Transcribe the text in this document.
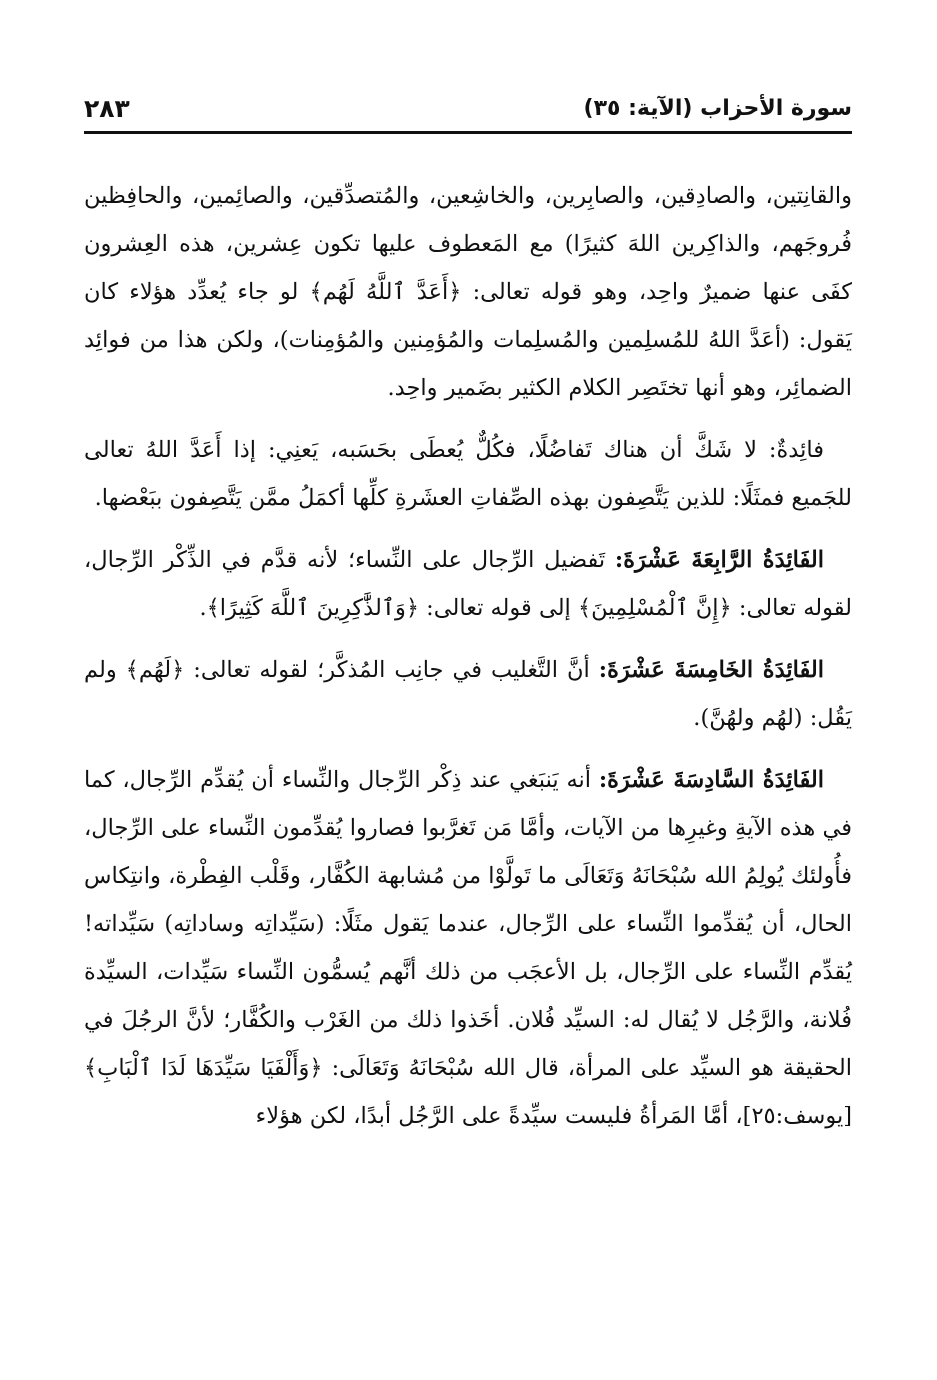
سورة الأحزاب (الآية: ٣٥)
٢٨٣

والقانِتين، والصادِقين، والصابِرين، والخاشِعين، والمُتصدِّقين، والصائِمين، والحافِظين فُروجَهم، والذاكِرين اللهَ كثيرًا) مع المَعطوف عليها تكون عِشرين، هذه العِشرون كفَى عنها ضميرٌ واحِد، وهو قوله تعالى: ﴿أَعَدَّ ٱللَّهُ لَهُم﴾ لو جاء يُعدِّد هؤلاء كان يَقول: (أعَدَّ اللهُ للمُسلِمين والمُسلِمات والمُؤمِنين والمُؤمِنات)، ولكن هذا من فوائِد الضمائِر، وهو أنها تختَصِر الكلام الكثير بضَمير واحِد.

فائِدةٌ: لا شَكَّ أن هناك تَفاضُلًا، فكُلٌّ يُعطَى بحَسَبه، يَعنِي: إذا أَعَدَّ اللهُ تعالى للجَميع فمثَلًا: للذين يَتَّصِفون بهذه الصِّفاتِ العشَرةِ كلِّها أكمَلُ ممَّن يَتَّصِفون ببَعْضها.

الفَائِدَةُ الرَّابِعَةَ عَشْرَةَ: تَفضيل الرِّجال على النِّساء؛ لأنه قدَّم في الذِّكْر الرِّجال، لقوله تعالى: ﴿إِنَّ ٱلْمُسْلِمِينَ﴾ إلى قوله تعالى: ﴿وَٱلذَّٰكِرِينَ ٱللَّهَ كَثِيرًا﴾.

الفَائِدَةُ الخَامِسَةَ عَشْرَةَ: أنَّ التَّغليب في جانِب المُذكَّر؛ لقوله تعالى: ﴿لَهُم﴾ ولم يَقُل: (لهُم ولهُنَّ).

الفَائِدَةُ السَّادِسَةَ عَشْرَةَ: أنه يَنبَغي عند ذِكْر الرِّجال والنِّساء أن يُقدِّم الرِّجال، كما في هذه الآيةِ وغيرِها من الآيات، وأمَّا مَن تَغرَّبوا فصاروا يُقدِّمون النِّساء على الرِّجال، فأُولئك يُولِمُ الله سُبْحَانَهُ وَتَعَالَى ما تَولَّوْا من مُشابهة الكُفَّار، وقَلْب الفِطْرة، وانتِكاس الحال، أن يُقدِّموا النِّساء على الرِّجال، عندما يَقول مثَلًا: (سَيِّداتِه وساداتِه) سَيِّداته! يُقدِّم النِّساء على الرِّجال، بل الأعجَب من ذلك أنَّهم يُسمُّون النِّساء سَيِّدات، السيِّدة فُلانة، والرَّجُل لا يُقال له: السيِّد فُلان. أخَذوا ذلك من الغَرْب والكُفَّار؛ لأنَّ الرجُلَ في الحقيقة هو السيِّد على المرأة، قال الله سُبْحَانَهُ وَتَعَالَى: ﴿وَأَلْفَيَا سَيِّدَهَا لَدَا ٱلْبَابِ﴾ [يوسف:٢٥]، أمَّا المَرأةُ فليست سيِّدةً على الرَّجُل أبدًا، لكن هؤلاء
